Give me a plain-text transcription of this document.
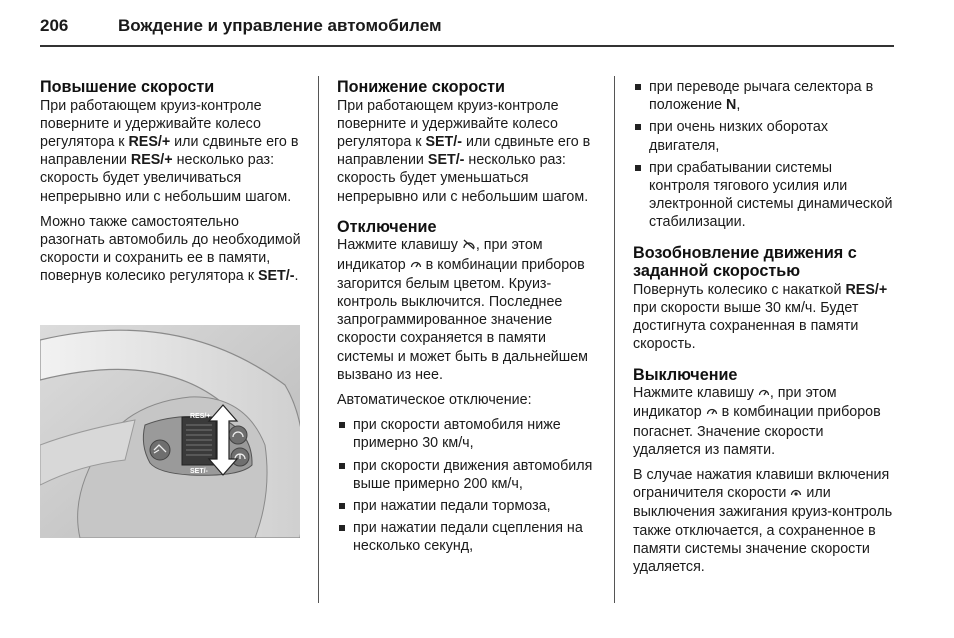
206	Вождение и управление автомобилем
Повышение скорости

При работающем круиз-контроле поверните и удерживайте колесо регулятора к RES/+ или сдвиньте его в направлении RES/+ несколько раз: скорость будет увеличиваться непрерывно или с небольшим шагом.

Можно также самостоятельно разогнать автомобиль до необходимой скорости и сохранить ее в памяти, повернув колесико регулятора к SET/-.

RES/+
SET/-
Понижение скорости

При работающем круиз-контроле поверните и удерживайте колесо регулятора к SET/- или сдвиньте его в направлении SET/- несколько раз: скорость будет уменьшаться непрерывно или с небольшим шагом.

Отключение

Нажмите клавишу , при этом индикатор  в комбинации приборов загорится белым цветом. Круиз-контроль выключится. Последнее запрограммированное значение скорости сохраняется в памяти системы и может быть в дальнейшем вызвано из нее.

Автоматическое отключение:

при скорости автомобиля ниже примерно 30 км/ч,
при скорости движения автомобиля выше примерно 200 км/ч,
при нажатии педали тормоза,
при нажатии педали сцепления на несколько секунд,
при переводе рычага селектора в положение N,
при очень низких оборотах двигателя,
при срабатывании системы контроля тягового усилия или электронной системы динамической стабилизации.
Возобновление движения с заданной скоростью

Повернуть колесико с накаткой RES/+ при скорости выше 30 км/ч. Будет достигнута сохраненная в памяти скорость.

Выключение

Нажмите клавишу , при этом индикатор  в комбинации приборов погаснет. Значение скорости удаляется из памяти.

В случае нажатия клавиши включения ограничителя скорости  или выключения зажигания круиз-контроль также отключается, а сохраненное в памяти системы значение скорости удаляется.
